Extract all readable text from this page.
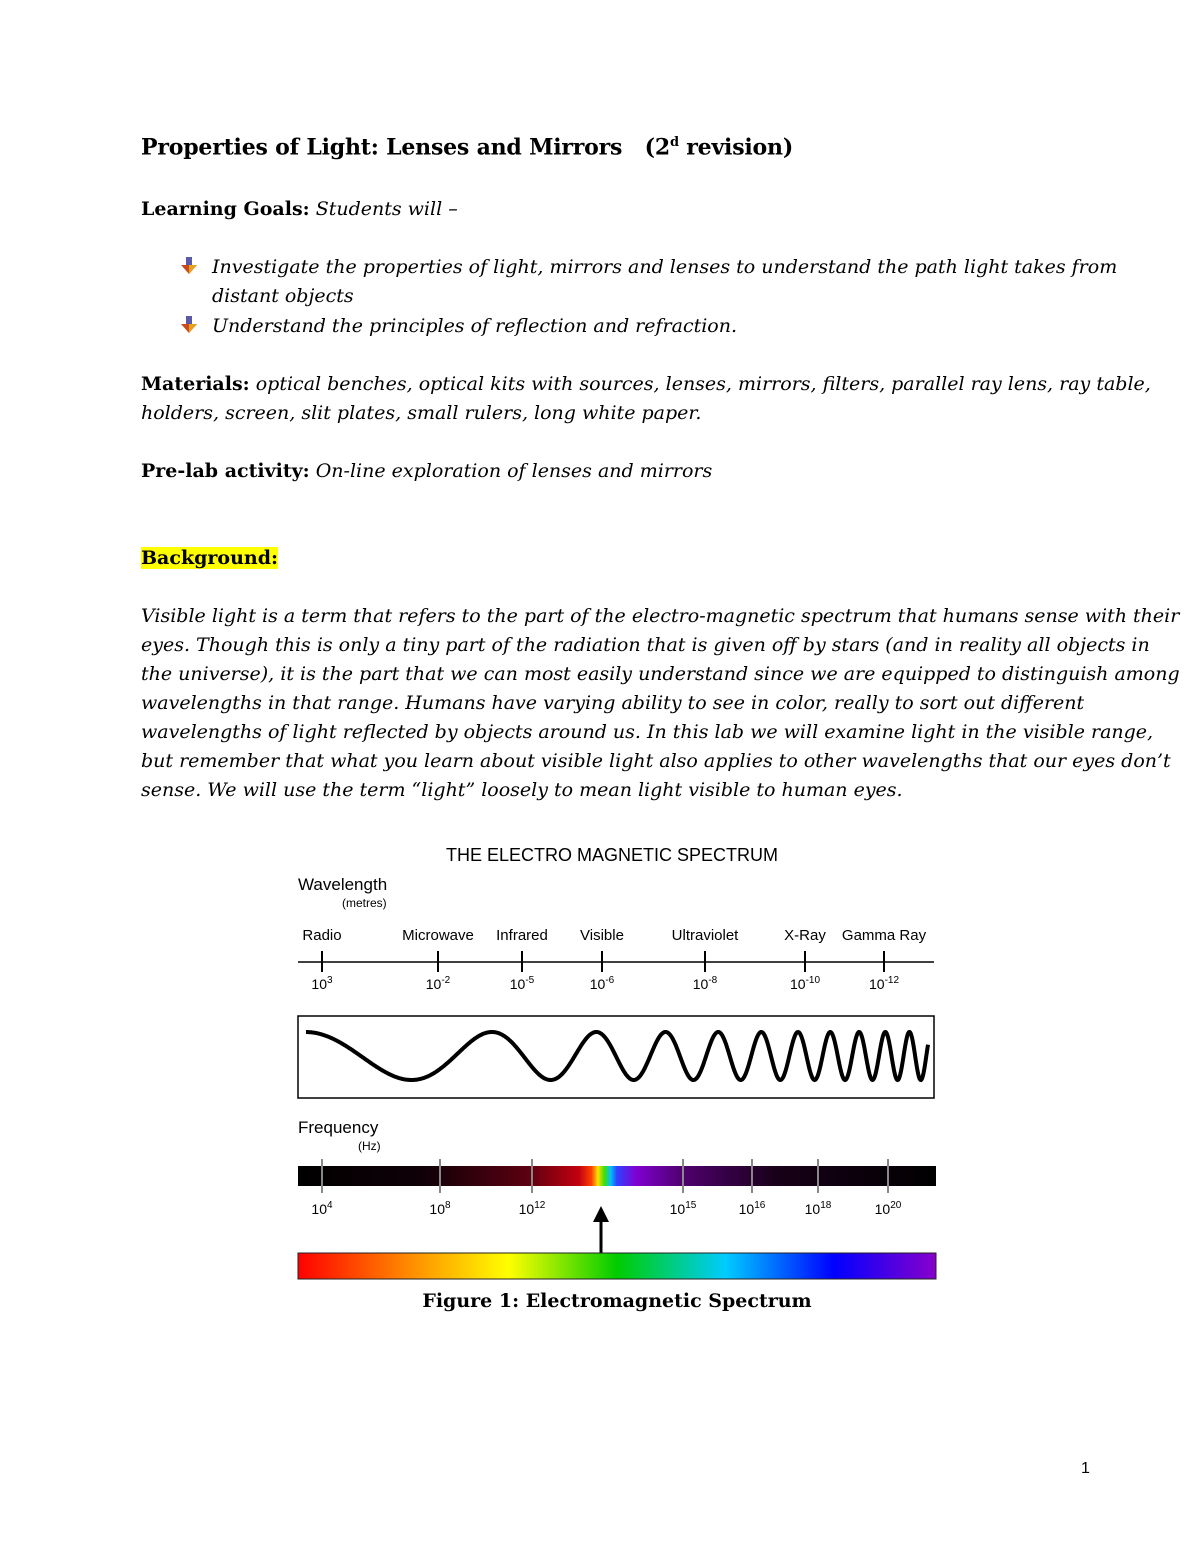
Properties of Light: Lenses and Mirrors (2$^d$ revision)
Learning Goals: Students will –
Investigate the properties of light, mirrors and lenses to understand the path light takes from
distant objects
Understand the principles of reflection and refraction.
Materials: optical benches, optical kits with sources, lenses, mirrors, filters, parallel ray lens, ray table,
holders, screen, slit plates, small rulers, long white paper.
Pre-lab activity: On-line exploration of lenses and mirrors
Background:
Visible light is a term that refers to the part of the electro-magnetic spectrum that humans sense with their
eyes. Though this is only a tiny part of the radiation that is given off by stars (and in reality all objects in
the universe), it is the part that we can most easily understand since we are equipped to distinguish among
wavelengths in that range. Humans have varying ability to see in color, really to sort out different
wavelengths of light reflected by objects around us. In this lab we will examine light in the visible range,
but remember that what you learn about visible light also applies to other wavelengths that our eyes don’t
sense. We will use the term “light” loosely to mean light visible to human eyes.
THE ELECTRO MAGNETIC SPECTRUM
Wavelength
(metres)
Radio	Microwave Infrared Visible	Ultraviolet	X-Ray Gamma Ray
$10^3$	$10^{-2}$	$10^{-5}$	$10^{-6}$	$10^{-8}$	$10^{-10}$	$10^{-12}$
Frequency
(Hz)
$10^4$	$10^8$	$10^{12}$	$10^{15}$	$10^{16}$	$10^{18}$	$10^{20}$
Figure 1: Electromagnetic Spectrum
1
